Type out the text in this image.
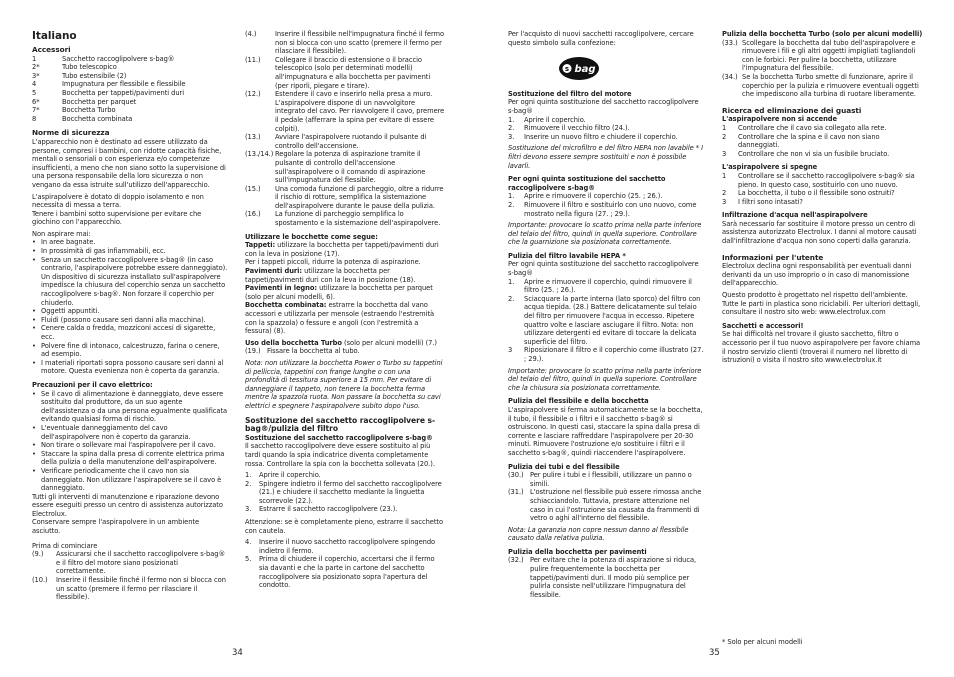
Italiano
Accessori
1	Sacchetto raccoglipolvere s-bag®
2*	Tubo telescopico
3*	Tubo estensibile (2)
4	Impugnatura per flessibile e flessibile
5	Bocchetta per tappeti/pavimenti duri
6*	Bocchetta per parquet
7*	Bocchetta Turbo
8	Bocchetta combinata
Norme di sicurezza
L'apparecchio non è destinato ad essere utilizzato da persone, compresi i bambini, con ridotte capacità fisiche, mentali o sensoriali o con esperienza e/o competenze insufficienti, a meno che non siano sotto la supervisione di una persona responsabile della loro sicurezza o non vengano da essa istruite sull'utilizzo dell'apparecchio.
L'aspirapolvere è dotato di doppio isolamento e non necessita di messa a terra.
Tenere i bambini sotto supervisione per evitare che giochino con l'apparecchio.
Non aspirare mai:
• In aree bagnate.
• In prossimità di gas infiammabili, ecc.
• Senza un sacchetto raccoglipolvere s-bag® (in caso contrario, l'aspirapolvere potrebbe essere danneggiato). Un dispositivo di sicurezza installato sull'aspirapolvere impedisce la chiusura del coperchio senza un sacchetto raccoglipolvere s-bag®. Non forzare il coperchio per chiuderlo.
• Oggetti appuntiti.
• Fluidi (possono causare seri danni alla macchina).
• Cenere calda o fredda, mozziconi accesi di sigarette, ecc.
• Polvere fine di intonaco, calcestruzzo, farina o cenere, ad esempio.
• I materiali riportati sopra possono causare seri danni al motore. Questa evenienza non è coperta da garanzia.
Precauzioni per il cavo elettrico:
• Se il cavo di alimentazione è danneggiato, deve essere sostituito dal produttore, da un suo agente dell'assistenza o da una persona egualmente qualificata evitando qualsiasi forma di rischio.
• L'eventuale danneggiamento del cavo dell'aspirapolvere non è coperto da garanzia.
• Non tirare o sollevare mai l'aspirapolvere per il cavo.
• Staccare la spina dalla presa di corrente elettrica prima della pulizia o della manutenzione dell'aspirapolvere.
• Verificare periodicamente che il cavo non sia danneggiato. Non utilizzare l'aspirapolvere se il cavo è danneggiato.
Tutti gli interventi di manutenzione e riparazione devono essere eseguiti presso un centro di assistenza autorizzato Electrolux.
Conservare sempre l'aspirapolvere in un ambiente asciutto.
Prima di cominciare
(9.)	Assicurarsi che il sacchetto raccoglipolvere s-bag® e il filtro del motore siano posizionati correttamente.
(10.)	Inserire il flessibile finché il fermo non si blocca con un scatto (premere il fermo per rilasciare il flessibile).
(4.)	Inserire il flessibile nell'impugnatura finché il fermo non si blocca con uno scatto (premere il fermo per rilasciare il flessibile).
(11.)	Collegare il braccio di estensione o il braccio telescopico (solo per determinati modelli) all'impugnatura e alla bocchetta per pavimenti (per riporli, piegare e tirare).
(12.)	Estendere il cavo e inserirlo nella presa a muro. L'aspirapolvere dispone di un navvolgitore integrato del cavo. Per riavvolgere il cavo, premere il pedale (afferrare la spina per evitare di essere colpiti).
(13.)	Avviare l'aspirapolvere ruotando il pulsante di controllo dell'accensione.
(13./14.) Regolare la potenza di aspirazione tramite il pulsante di controllo dell'accensione sull'aspirapolvere o il comando di aspirazione sull'impugnatura del flessibile.
(15.)	Una comoda funzione di parcheggio, oltre a ridurre il rischio di rotture, semplifica la sistemazione dell'aspirapolvere durante le pause della pulizia.
(16.)	La funzione di parcheggio semplifica lo spostamento e la sistemazione dell'aspirapolvere.
Utilizzare le bocchette come segue:
Tappeti: utilizzare la bocchetta per tappeti/pavimenti duri con la leva in posizione (17).
Per i tappeti piccoli, ridurre la potenza di aspirazione.
Pavimenti duri: utilizzare la bocchetta per tappeti/pavimenti duri con la leva in posizione (18).
Pavimenti in legno: utilizzare la bocchetta per parquet (solo per alcuni modelli, 6).
Bocchetta combinata: estrarre la bocchetta dal vano accessori e utilizzarla per mensole (estraendo l'estremità con la spazzola) o fessure e angoli (con l'estremità a fessura) (8).
Uso della bocchetta Turbo (solo per alcuni modelli) (7.)
(19.) Fissare la bocchetta al tubo.
Nota: non utilizzare la bocchetta Power o Turbo su tappetini di pelliccia, tappetini con frange lunghe o con una profondità di tessitura superiore a 15 mm. Per evitare di danneggiare il tappeto, non tenere la bocchetta ferma mentre la spazzola ruota. Non passare la bocchetta su cavi elettrici e spegnere l'aspirapolvere subito dopo l'uso.
Sostituzione del sacchetto raccoglipolvere s-bag®/pulizia del filtro
Sostituzione del sacchetto raccoglipolvere s-bag®
Il sacchetto raccoglipolvere deve essere sostituito al più tardi quando la spia indicatrice diventa completamente rossa. Controllare la spia con la bocchetta sollevata (20.).
1.	Aprire il coperchio.
2.	Spingere indietro il fermo del sacchetto raccoglipolvere (21.) e chiudere il sacchetto mediante la linguetta scorrevole (22.).
3.	Estrarre il sacchetto raccoglipolvere (23.).
Attenzione: se è completamente pieno, estrarre il sacchetto con cautela.
4.	Inserire il nuovo sacchetto raccoglipolvere spingendo indietro il fermo.
5.	Prima di chiudere il coperchio, accertarsi che il fermo sia davanti e che la parte in cartone del sacchetto raccoglipolvere sia posizionato sopra l'apertura del condotto.
34
Per l'acquisto di nuovi sacchetti raccoglipolvere, cercare questo simbolo sulla confezione:
s bag
Sostituzione del filtro del motore
Per ogni quinta sostituzione del sacchetto raccoglipolvere s-bag®
1.	Aprire il coperchio.
2.	Rimuovere il vecchio filtro (24.).
3.	Inserire un nuovo filtro e chiudere il coperchio.
Sostituzione del microfiltro e del filtro HEPA non lavabile * I filtri devono essere sempre sostituiti e non è possibile lavarli.
Per ogni quinta sostituzione del sacchetto raccoglipolvere s-bag®
1.	Aprire e rimuovere il coperchio (25. ; 26.).
2.	Rimuovere il filtro e sostituirlo con uno nuovo, come mostrato nella figura (27. ; 29.).
Importante: provocare lo scatto prima nella parte inferiore del telaio del filtro, quindi in quella superiore. Controllare che la guarnizione sia posizionata correttamente.
Pulizia del filtro lavabile HEPA *
Per ogni quinta sostituzione del sacchetto raccoglipolvere s-bag®
1.	Aprire e rimuovere il coperchio, quindi rimuovere il filtro (25. ; 26.).
2.	Sciacquare la parte interna (lato sporco) del filtro con acqua tiepida. (28.) Battere delicatamente sul telaio del filtro per rimuovere l'acqua in eccesso. Ripetere quattro volte e lasciare asciugare il filtro. Nota: non utilizzare detergenti ed evitare di toccare la delicata superficie del filtro.
3	Riposizionare il filtro e il coperchio come illustrato (27. ; 29.).
Importante: provocare lo scatto prima nella parte inferiore del telaio del filtro, quindi in quella superiore. Controllare che la chiusura sia posizionata correttamente.
Pulizia del flessibile e della bocchetta
L'aspirapolvere si ferma automaticamente se la bocchetta, il tubo, il flessibile o i filtri e il sacchetto s-bag® si ostruiscono. In questi casi, staccare la spina dalla presa di corrente e lasciare raffreddare l'aspirapolvere per 20-30 minuti. Rimuovere l'ostruzione e/o sostituire i filtri e il sacchetto s-bag®, quindi riaccendere l'aspirapolvere.
Pulizia dei tubi e del flessibile
(30.) Per pulire i tubi e i flessibili, utilizzare un panno o simili.
(31.) L'ostruzione nel flessibile può essere rimossa anche schiacciandolo. Tuttavia, prestare attenzione nel caso in cui l'ostruzione sia causata da frammenti di vetro o aghi all'interno del flessibile.
Nota: La garanzia non copre nessun danno al flessibile causato dalla relativa pulizia.
Pulizia della bocchetta per pavimenti
(32.) Per evitare che la potenza di aspirazione si riduca, pulire frequentemente la bocchetta per tappeti/pavimenti duri. Il modo più semplice per pulirla consiste nell'utilizzare l'impugnatura del flessibile.
Pulizia della bocchetta Turbo (solo per alcuni modelli)
(33.) Scollegare la bocchetta dal tubo dell'aspirapolvere e rimuovere i fili e gli altri oggetti impigliati tagliandoli con le forbici. Per pulire la bocchetta, utilizzare l'impugnatura del flessibile.
(34.) Se la bocchetta Turbo smette di funzionare, aprire il coperchio per la pulizia e rimuovere eventuali oggetti che impediscono alla turbina di ruotare liberamente.
Ricerca ed eliminazione dei guasti
L'aspirapolvere non si accende
1	Controllare che il cavo sia collegato alla rete.
2	Controllare che la spina e il cavo non siano danneggiati.
3	Controllare che non vi sia un fusibile bruciato.
L'aspirapolvere si spegne
1	Controllare se il sacchetto raccoglipolvere s-bag® sia pieno. In questo caso, sostituirlo con uno nuovo.
2	La bocchetta, il tubo o il flessibile sono ostruiti?
3	I filtri sono intasati?
Infiltrazione d'acqua nell'aspirapolvere
Sarà necessario far sostituire il motore presso un centro di assistenza autorizzato Electrolux. I danni al motore causati dall'infiltrazione d'acqua non sono coperti dalla garanzia.
Informazioni per l'utente
Electrolux declina ogni responsabilità per eventuali danni derivanti da un uso improprio o in caso di manomissione dell'apparecchio.
Questo prodotto è progettato nel rispetto dell'ambiente. Tutte le parti in plastica sono riciclabili. Per ulteriori dettagli, consultare il nostro sito web: www.electrolux.com
Sacchetti e accessori!
Se hai difficoltà nel trovare il giusto sacchetto, filtro o accessorio per il tuo nuovo aspirapolvere per favore chiama il nostro servizio clienti (troverai il numero nel libretto di istruzioni) o visita il nostro sito www.electrolux.it
* Solo per alcuni modelli
35
